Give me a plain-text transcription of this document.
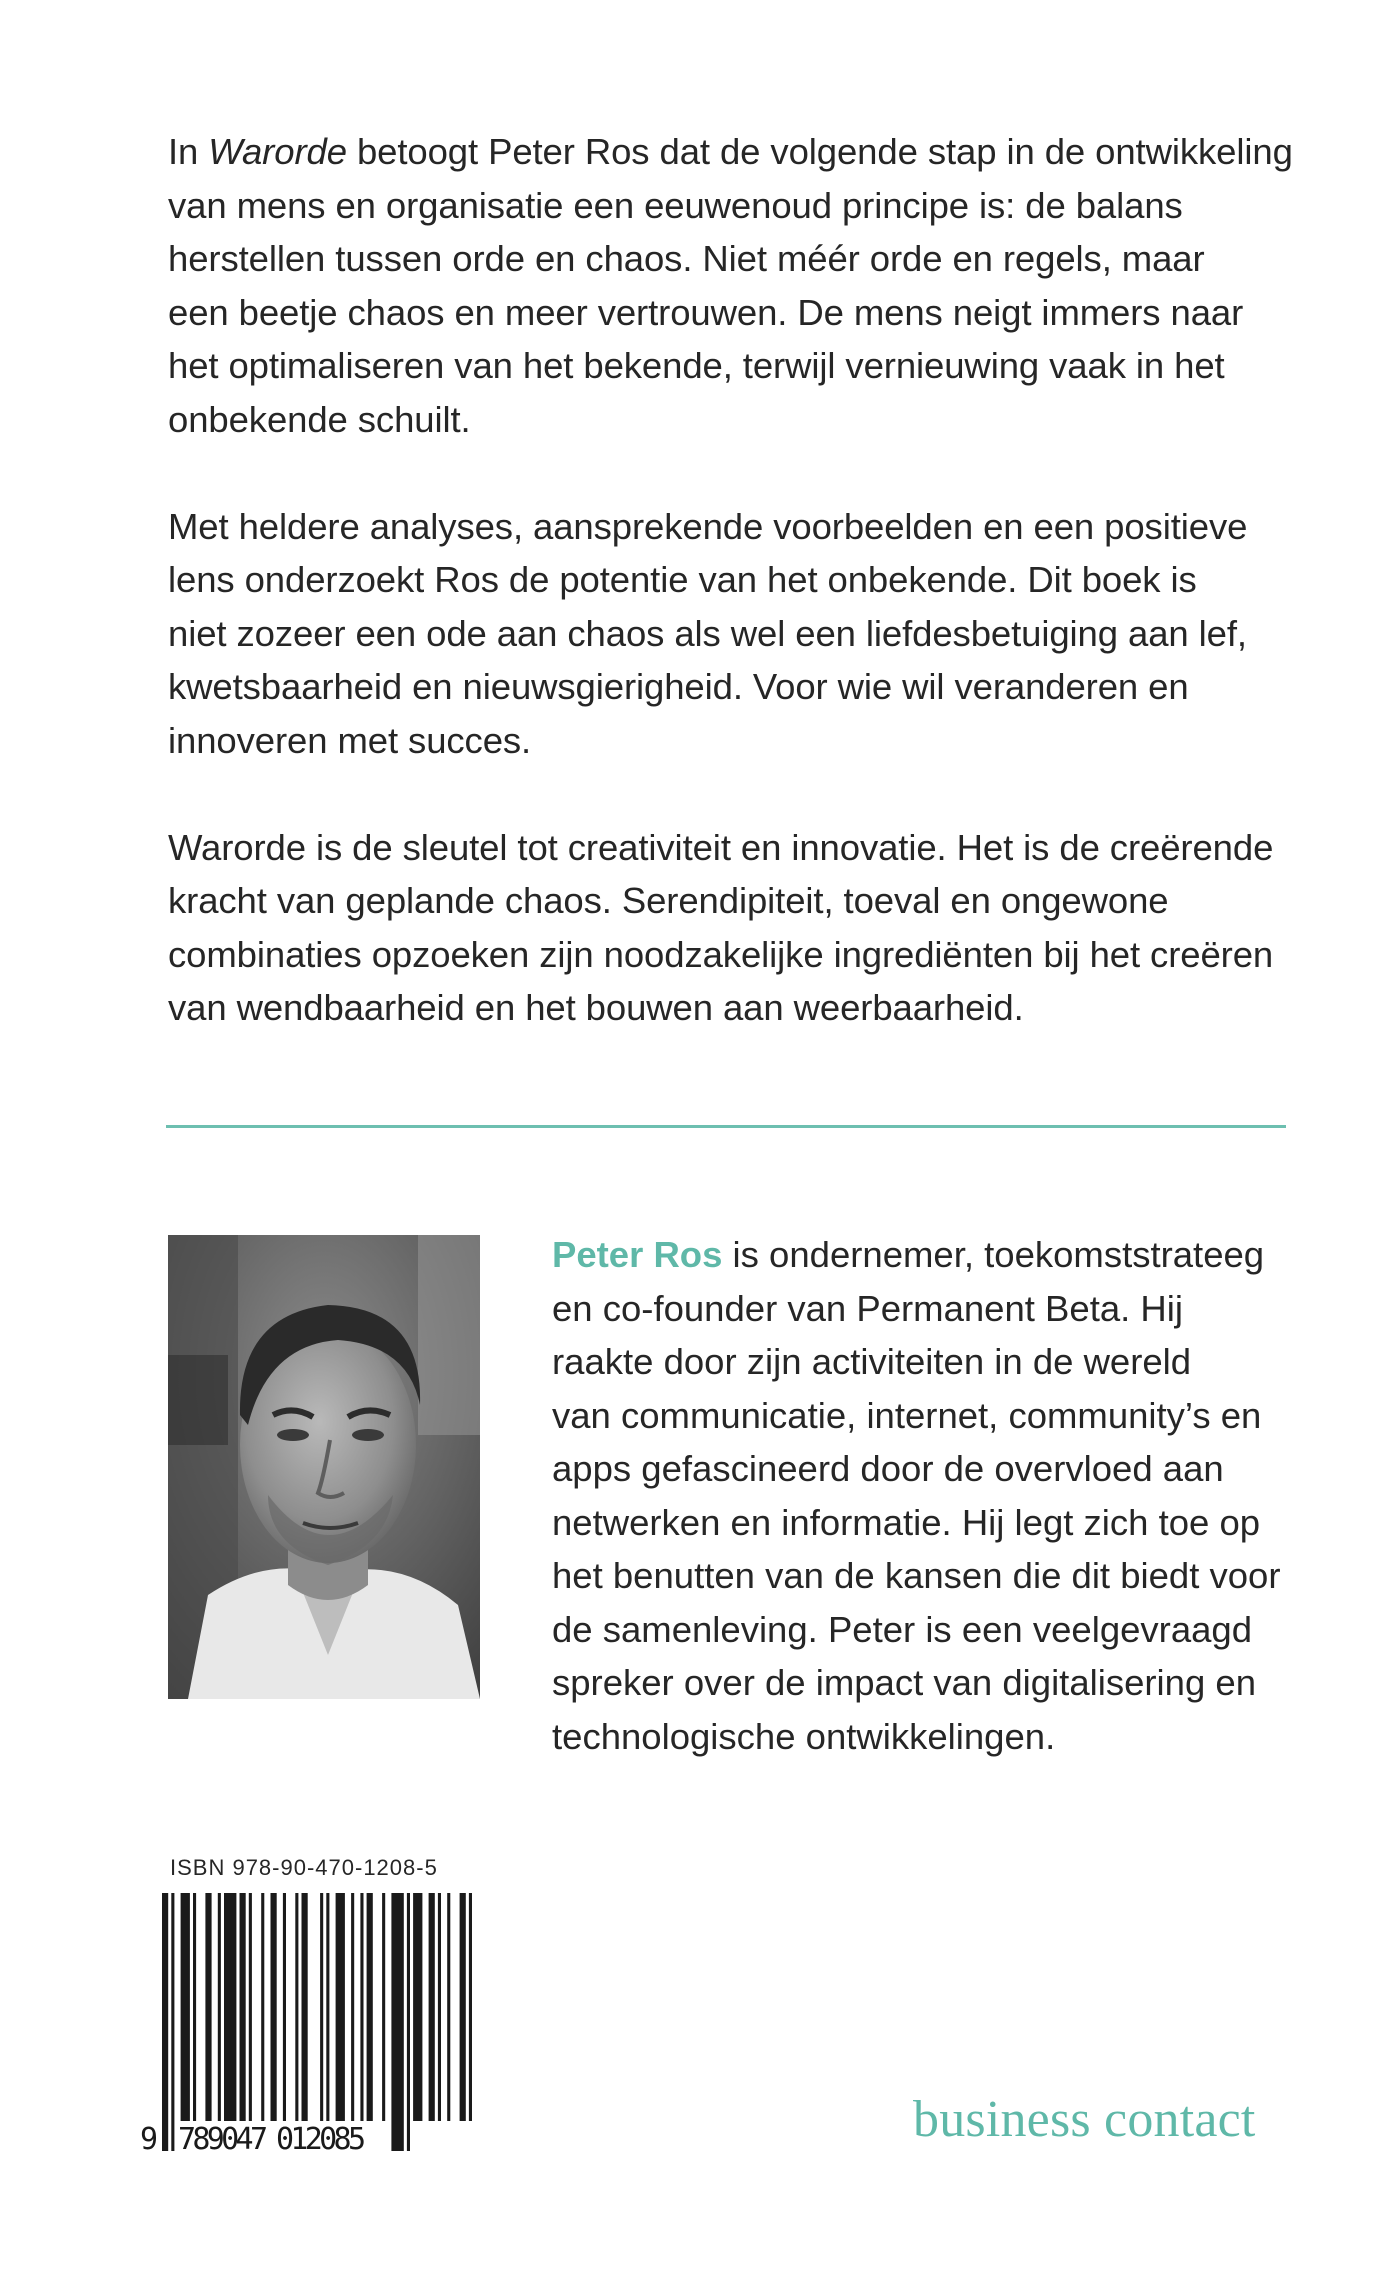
In Warorde betoogt Peter Ros dat de volgende stap in de ontwikkeling
van mens en organisatie een eeuwenoud principe is: de balans
herstellen tussen orde en chaos. Niet méér orde en regels, maar
een beetje chaos en meer vertrouwen. De mens neigt immers naar
het optimaliseren van het bekende, terwijl vernieuwing vaak in het
onbekende schuilt.

Met heldere analyses, aansprekende voorbeelden en een positieve
lens onderzoekt Ros de potentie van het onbekende. Dit boek is
niet zozeer een ode aan chaos als wel een liefdesbetuiging aan lef,
kwetsbaarheid en nieuwsgierigheid. Voor wie wil veranderen en
innoveren met succes.

Warorde is de sleutel tot creativiteit en innovatie. Het is de creërende
kracht van geplande chaos. Serendipiteit, toeval en ongewone
combinaties opzoeken zijn noodzakelijke ingrediënten bij het creëren
van wendbaarheid en het bouwen aan weerbaarheid.

Peter Ros is ondernemer, toekomststrateeg
en co-founder van Permanent Beta. Hij
raakte door zijn activiteiten in de wereld
van communicatie, internet, community’s en
apps gefascineerd door de overvloed aan
netwerken en informatie. Hij legt zich toe op
het benutten van de kansen die dit biedt voor
de samenleving. Peter is een veelgevraagd
spreker over de impact van digitalisering en
technologische ontwikkelingen.
ISBN 978-90-470-1208-5
9 789047 012085	business contact
